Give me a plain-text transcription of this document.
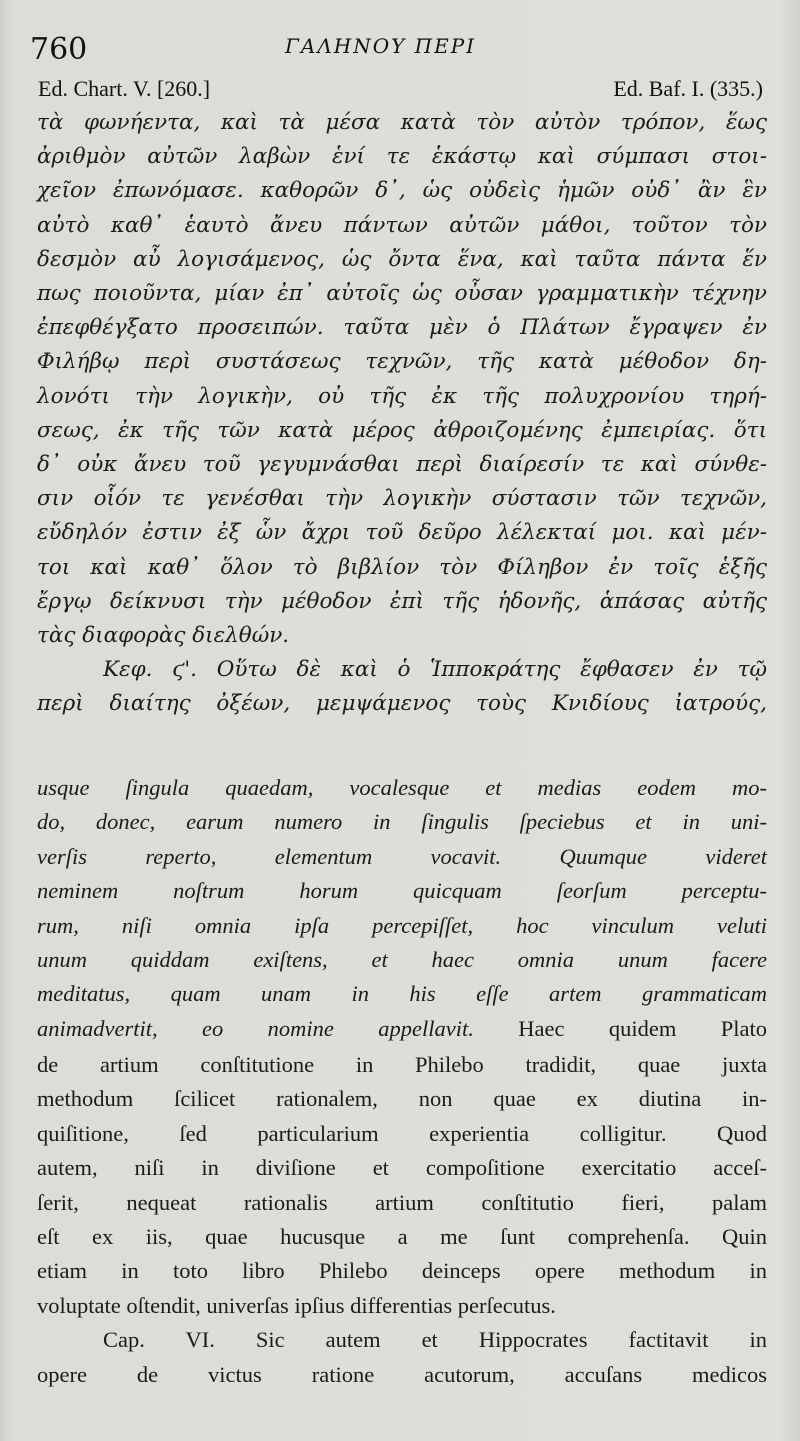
760	ΓΑΛΗΝΟΥ ΠΕΡΙ
Ed. Chart. V. [260.]	Ed. Baf. I. (335.)
τὰ φωνήεντα, καὶ τὰ μέσα κατὰ τὸν αὐτὸν τρόπον, ἕως
ἀριθμὸν αὐτῶν λαβὼν ἑνί τε ἑκάστῳ καὶ σύμπασι στοι-
χεῖον ἐπωνόμασε. καθορῶν δ᾽, ὡς οὐδεὶς ἡμῶν οὐδ᾽ ἂν ἓν
αὐτὸ καθ᾽ ἑαυτὸ ἄνευ πάντων αὐτῶν μάθοι, τοῦτον τὸν
δεσμὸν αὖ λογισάμενος, ὡς ὄντα ἕνα, καὶ ταῦτα πάντα ἕν
πως ποιοῦντα, μίαν ἐπ᾽ αὐτοῖς ὡς οὖσαν γραμματικὴν τέχνην
ἐπεφθέγξατο προσειπών. ταῦτα μὲν ὁ Πλάτων ἔγραψεν ἐν
Φιλήβῳ περὶ συστάσεως τεχνῶν, τῆς κατὰ μέθοδον δη-
λονότι τὴν λογικὴν, οὐ τῆς ἐκ τῆς πολυχρονίου τηρή-
σεως, ἐκ τῆς τῶν κατὰ μέρος ἀθροιζομένης ἐμπειρίας. ὅτι
δ᾽ οὐκ ἄνευ τοῦ γεγυμνάσθαι περὶ διαίρεσίν τε καὶ σύνθε-
σιν οἷόν τε γενέσθαι τὴν λογικὴν σύστασιν τῶν τεχνῶν,
εὔδηλόν ἐστιν ἐξ ὧν ἄχρι τοῦ δεῦρο λέλεκταί μοι. καὶ μέν-
τοι καὶ καθ᾽ ὅλον τὸ βιβλίον τὸν Φίληβον ἐν τοῖς ἑξῆς
ἔργῳ δείκνυσι τὴν μέθοδον ἐπὶ τῆς ἡδονῆς, ἁπάσας αὐτῆς
τὰς διαφορὰς διελθών.
Κεφ. ϛ'. Οὕτω δὲ καὶ ὁ Ἱπποκράτης ἔφθασεν ἐν τῷ
περὶ διαίτης ὀξέων, μεμψάμενος τοὺς Κνιδίους ἰατρούς,
usque ſingula quaedam, vocalesque et medias eodem mo-
do, donec, earum numero in ſingulis ſpeciebus et in uni-
verſis reperto, elementum vocavit. Quumque videret
neminem noſtrum horum quicquam ſeorſum perceptu-
rum, niſi omnia ipſa percepiſſet, hoc vinculum veluti
unum quiddam exiſtens, et haec omnia unum facere
meditatus, quam unam in his eſſe artem grammaticam
animadvertit, eo nomine appellavit. Haec quidem Plato
de artium conſtitutione in Philebo tradidit, quae juxta
methodum ſcilicet rationalem, non quae ex diutina in-
quiſitione, ſed particularium experientia colligitur. Quod
autem, niſi in diviſione et compoſitione exercitatio acceſ-
ſerit, nequeat rationalis artium conſtitutio fieri, palam
eſt ex iis, quae hucusque a me ſunt comprehenſa. Quin
etiam in toto libro Philebo deinceps opere methodum in
voluptate oſtendit, univerſas ipſius differentias perſecutus.
Cap. VI. Sic autem et Hippocrates factitavit in
opere de victus ratione acutorum, accuſans medicos
